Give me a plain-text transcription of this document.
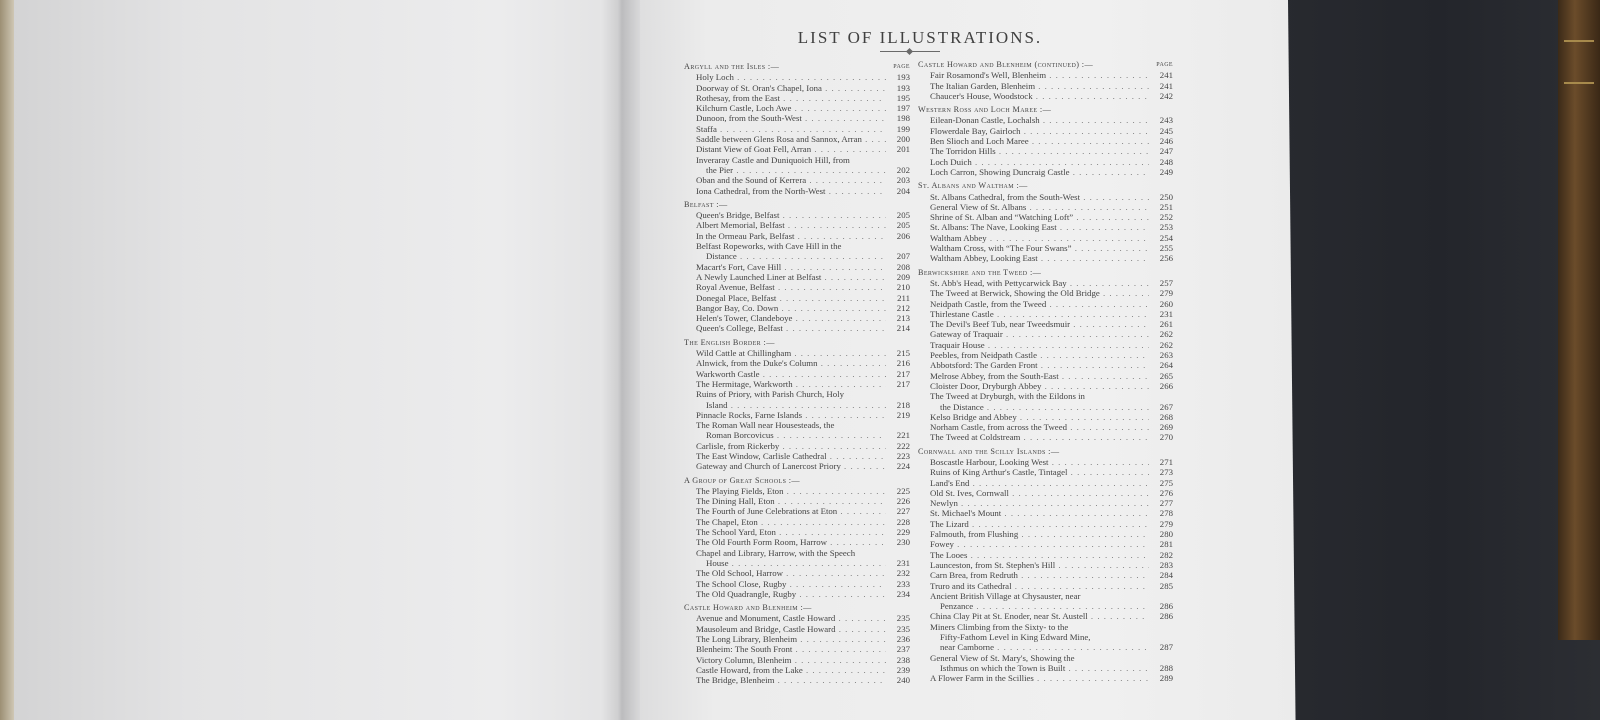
LIST OF ILLUSTRATIONS.
Argyll and the Isles :—	PAGE
Holy Loch . . .	193
Doorway of St. Oran's Chapel, Iona . . .	193
Rothesay, from the East . . .	195
Kilchurn Castle, Loch Awe . . .	197
Dunoon, from the South-West . . .	198
Staffa . . .	199
Saddle between Glens Rosa and Sannox, Arran . . .	200
Distant View of Goat Fell, Arran . . .	201
Inveraray Castle and Duniquoich Hill, from
the Pier . . .	202
Oban and the Sound of Kerrera . . .	203
Iona Cathedral, from the North-West . . .	204
Belfast :—
Queen's Bridge, Belfast . . .	205
Albert Memorial, Belfast . . .	205
In the Ormeau Park, Belfast . . .	206
Belfast Ropeworks, with Cave Hill in the
Distance . . .	207
Macart's Fort, Cave Hill . . .	208
A Newly Launched Liner at Belfast . . .	209
Royal Avenue, Belfast . . .	210
Donegal Place, Belfast . . .	211
Bangor Bay, Co. Down . . .	212
Helen's Tower, Clandeboye . . .	213
Queen's College, Belfast . . .	214
The English Border :—
Wild Cattle at Chillingham . . .	215
Alnwick, from the Duke's Column . . .	216
Warkworth Castle . . .	217
The Hermitage, Warkworth . . .	217
Ruins of Priory, with Parish Church, Holy
Island . . .	218
Pinnacle Rocks, Farne Islands . . .	219
The Roman Wall near Housesteads, the
Roman Borcovicus . . .	221
Carlisle, from Rickerby . . .	222
The East Window, Carlisle Cathedral . . .	223
Gateway and Church of Lanercost Priory . . .	224
A Group of Great Schools :—
The Playing Fields, Eton . . .	225
The Dining Hall, Eton . . .	226
The Fourth of June Celebrations at Eton . . .	227
The Chapel, Eton . . .	228
The School Yard, Eton . . .	229
The Old Fourth Form Room, Harrow . . .	230
Chapel and Library, Harrow, with the Speech
House . . .	231
The Old School, Harrow . . .	232
The School Close, Rugby . . .	233
The Old Quadrangle, Rugby . . .	234
Castle Howard and Blenheim :—
Avenue and Monument, Castle Howard . . .	235
Mausoleum and Bridge, Castle Howard . . .	235
The Long Library, Blenheim . . .	236
Blenheim: The South Front . . .	237
Victory Column, Blenheim . . .	238
Castle Howard, from the Lake . . .	239
The Bridge, Blenheim . . .	240
Castle Howard and Blenheim (continued) :—	PAGE
Fair Rosamond's Well, Blenheim . . .	241
The Italian Garden, Blenheim . . .	241
Chaucer's House, Woodstock . . .	242
Western Ross and Loch Maree :—
Eilean-Donan Castle, Lochalsh . . .	243
Flowerdale Bay, Gairloch . . .	245
Ben Slioch and Loch Maree . . .	246
The Torridon Hills . . .	247
Loch Duich . . .	248
Loch Carron, Showing Duncraig Castle . . .	249
St. Albans and Waltham :—
St. Albans Cathedral, from the South-West . . .	250
General View of St. Albans . . .	251
Shrine of St. Alban and “Watching Loft” . . .	252
St. Albans: The Nave, Looking East . . .	253
Waltham Abbey . . .	254
Waltham Cross, with “The Four Swans” . . .	255
Waltham Abbey, Looking East . . .	256
Berwickshire and the Tweed :—
St. Abb's Head, with Pettycarwick Bay . . .	257
The Tweed at Berwick, Showing the Old Bridge . . .	279
Neidpath Castle, from the Tweed . . .	260
Thirlestane Castle . . .	231
The Devil's Beef Tub, near Tweedsmuir . . .	261
Gateway of Traquair . . .	262
Traquair House . . .	262
Peebles, from Neidpath Castle . . .	263
Abbotsford: The Garden Front . . .	264
Melrose Abbey, from the South-East . . .	265
Cloister Door, Dryburgh Abbey . . .	266
The Tweed at Dryburgh, with the Eildons in
the Distance . . .	267
Kelso Bridge and Abbey . . .	268
Norham Castle, from across the Tweed . . .	269
The Tweed at Coldstream . . .	270
Cornwall and the Scilly Islands :—
Boscastle Harbour, Looking West . . .	271
Ruins of King Arthur's Castle, Tintagel . . .	273
Land's End . . .	275
Old St. Ives, Cornwall . . .	276
Newlyn . . .	277
St. Michael's Mount . . .	278
The Lizard . . .	279
Falmouth, from Flushing . . .	280
Fowey . . .	281
The Looes . . .	282
Launceston, from St. Stephen's Hill . . .	283
Carn Brea, from Redruth . . .	284
Truro and its Cathedral . . .	285
Ancient British Village at Chysauster, near
Penzance . . .	286
China Clay Pit at St. Enoder, near St. Austell . . .	286
Miners Climbing from the Sixty- to the
Fifty-Fathom Level in King Edward Mine,
near Camborne . . .	287
General View of St. Mary's, Showing the
Isthmus on which the Town is Built . . .	288
A Flower Farm in the Scillies . . .	289
